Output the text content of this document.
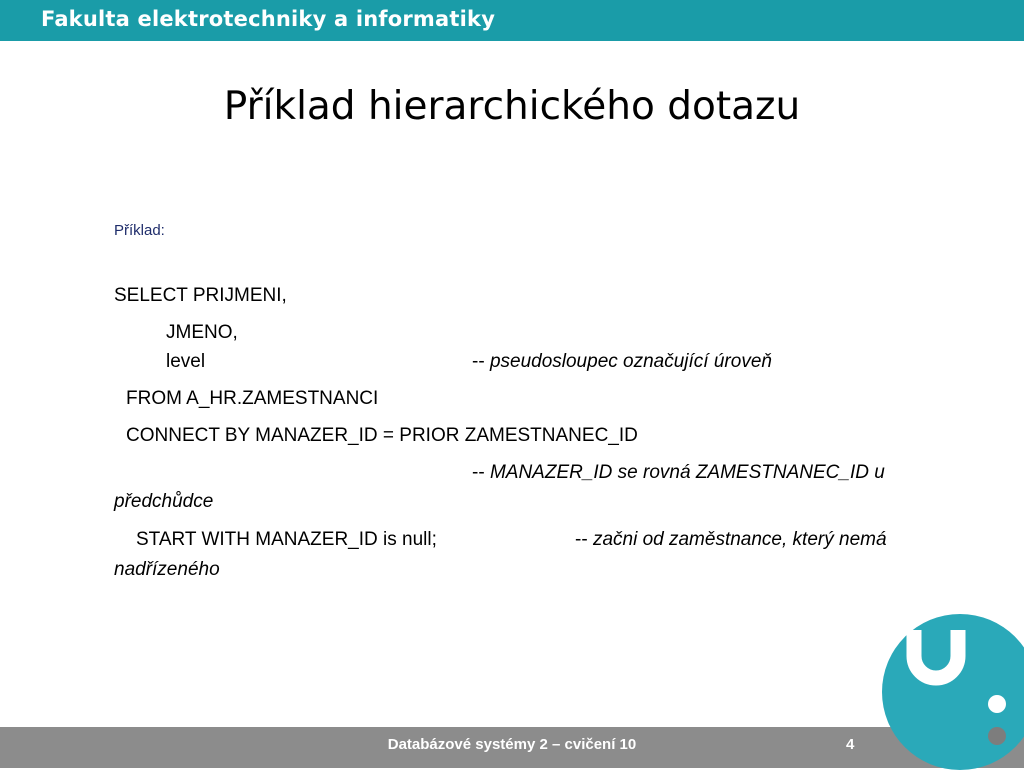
Fakulta elektrotechniky a informatiky
Příklad hierarchického dotazu
Příklad:
SELECT PRIJMENI,
JMENO,
level	-- pseudosloupec označující úroveň
FROM A_HR.ZAMESTNANCI
CONNECT BY MANAZER_ID = PRIOR ZAMESTNANEC_ID
-- MANAZER_ID se rovná ZAMESTNANEC_ID u
předchůdce
START WITH MANAZER_ID is null;	-- začni od zaměstnance, který nemá
nadřízeného
Databázové systémy 2 – cvičení 10	4
